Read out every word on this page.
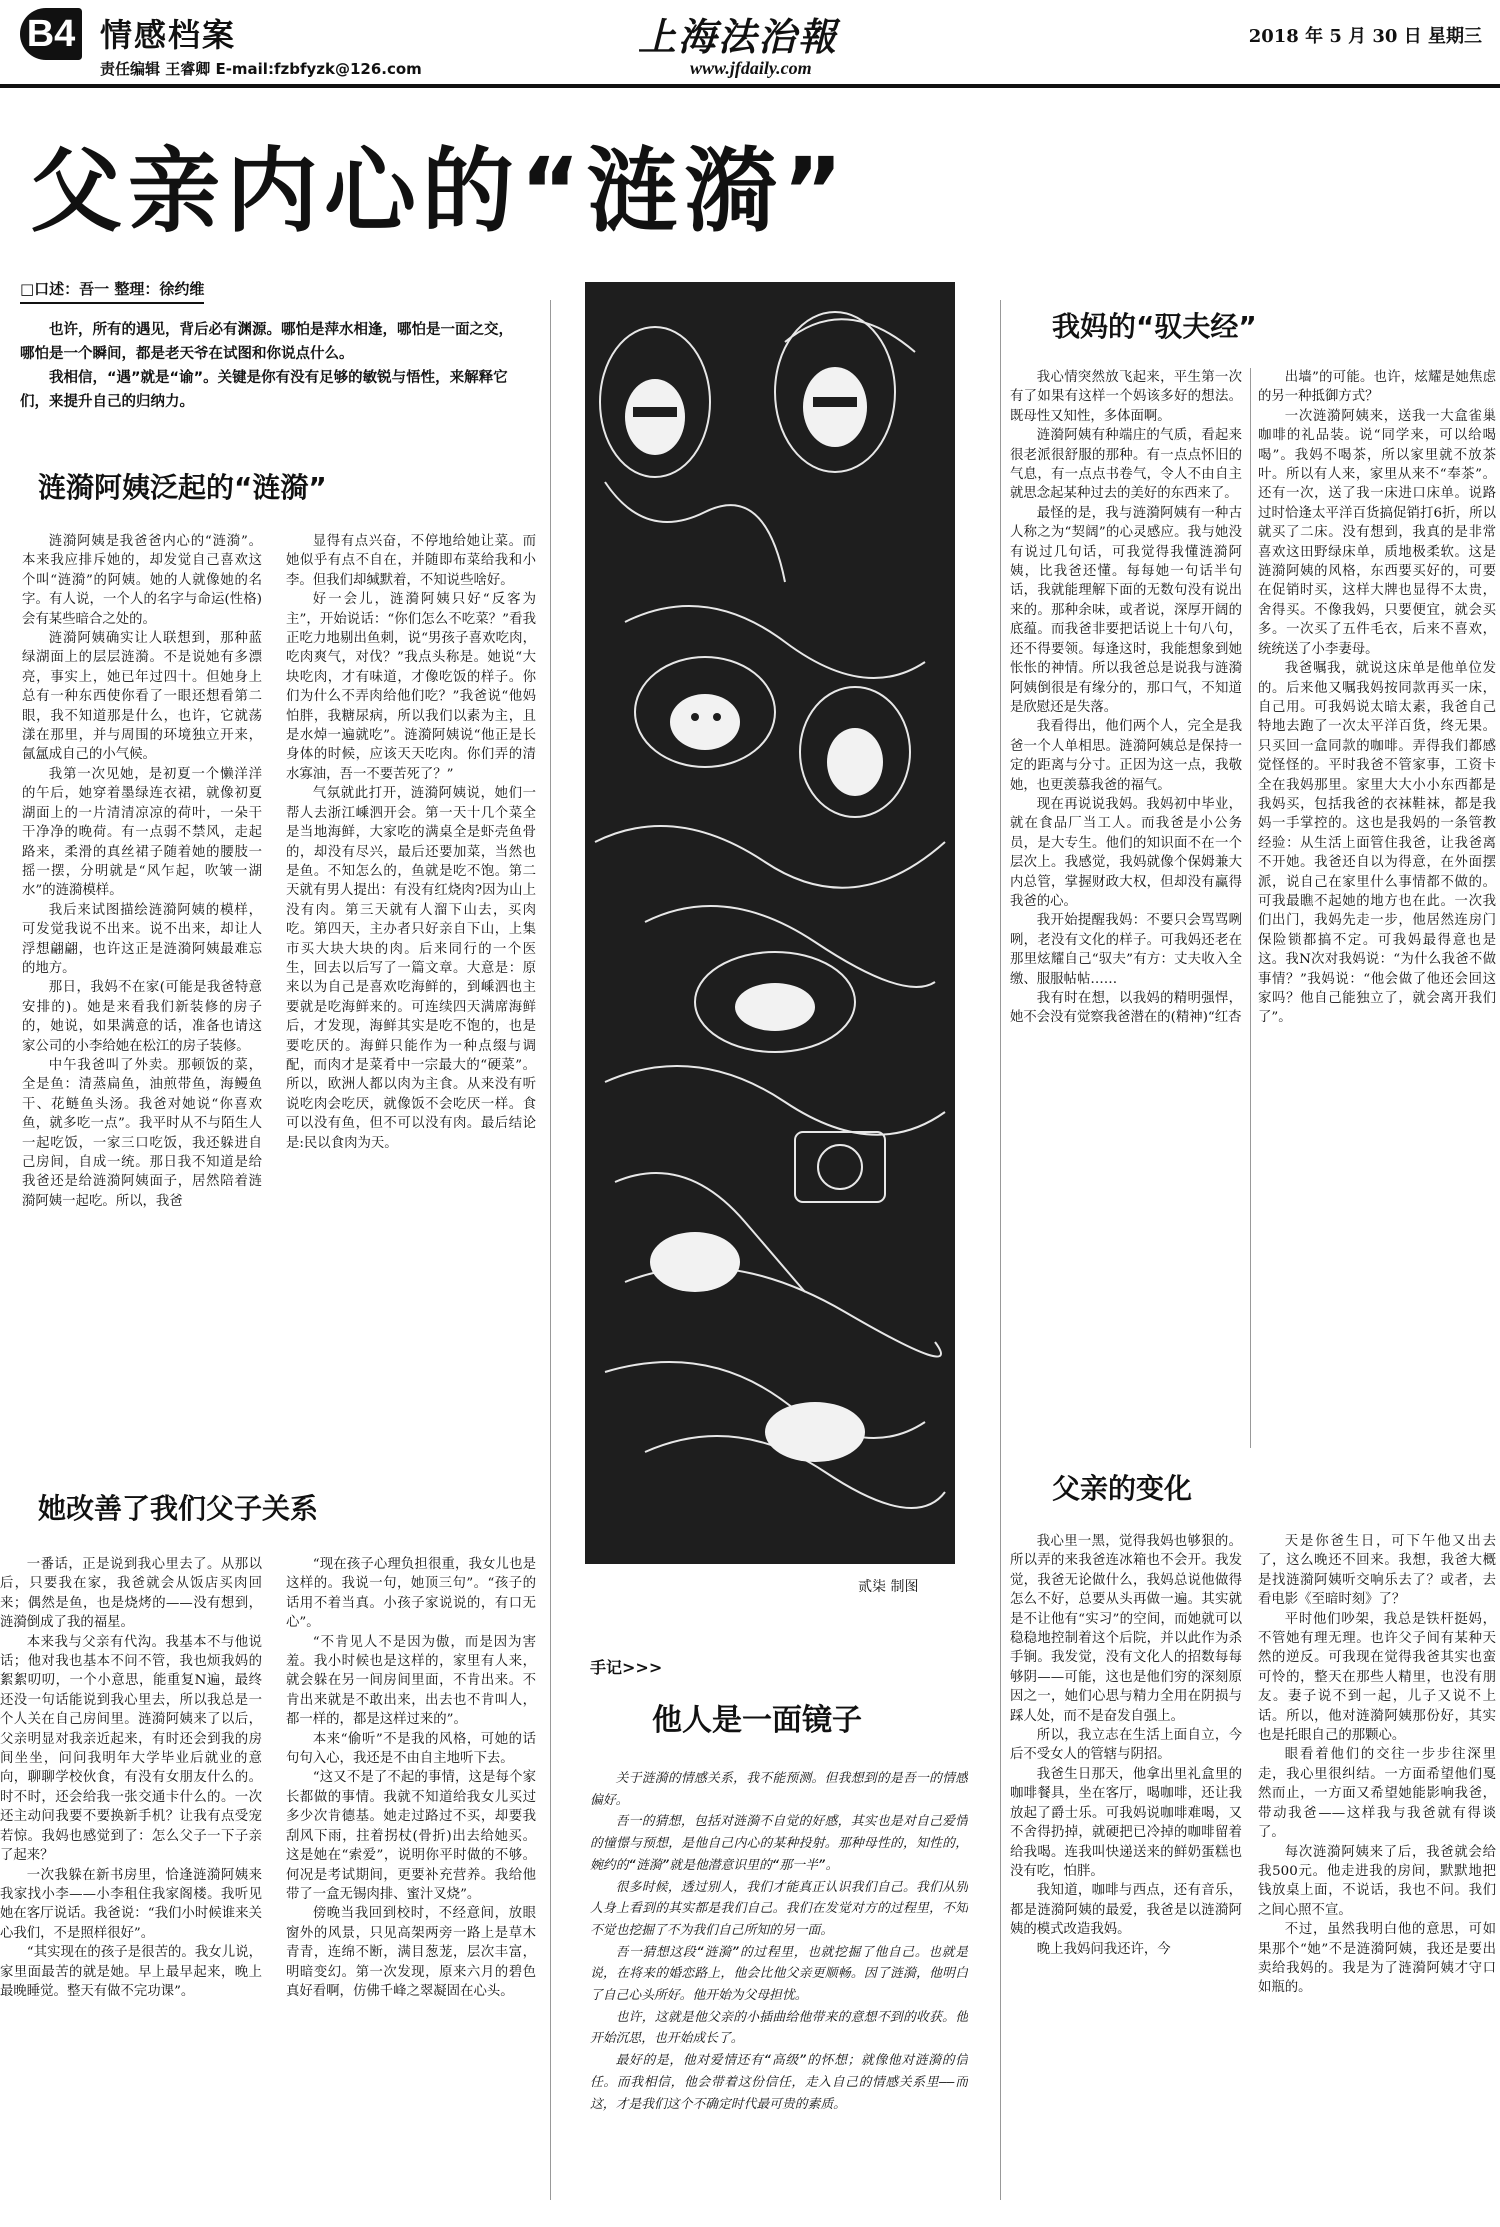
B4 情感档案
责任编辑 王睿卿 E-mail:fzbfyzk@126.com
上海法治報
www.jfdaily.com
2018 年 5 月 30 日 星期三
父亲内心的“涟漪”
□口述：吾一 整理：徐约维

也许，所有的遇见，背后必有渊源。哪怕是萍水相逢，哪怕是一面之交，哪怕是一个瞬间，都是老天爷在试图和你说点什么。

我相信，“遇”就是“谕”。关键是你有没有足够的敏锐与悟性，来解释它们，来提升自己的归纳力。

涟漪阿姨泛起的“涟漪”

涟漪阿姨是我爸爸内心的“涟漪”。本来我应排斥她的，却发觉自己喜欢这个叫“涟漪”的阿姨。她的人就像她的名字。有人说，一个人的名字与命运(性格)会有某些暗合之处的。

涟漪阿姨确实让人联想到，那种蓝绿湖面上的层层涟漪。不是说她有多漂亮，事实上，她已年过四十。但她身上总有一种东西使你看了一眼还想看第二眼，我不知道那是什么，也许，它就荡漾在那里，并与周围的环境独立开来，氤氲成自己的小气候。

我第一次见她，是初夏一个懒洋洋的午后，她穿着墨绿连衣裙，就像初夏湖面上的一片清清凉凉的荷叶，一朵干干净净的晚荷。有一点弱不禁风，走起路来，柔滑的真丝裙子随着她的腰肢一摇一摆，分明就是“风乍起，吹皱一湖水”的涟漪模样。

我后来试图描绘涟漪阿姨的模样，可发觉我说不出来。说不出来，却让人浮想翩翩，也许这正是涟漪阿姨最难忘的地方。

那日，我妈不在家(可能是我爸特意安排的)。她是来看我们新装修的房子的，她说，如果满意的话，准备也请这家公司的小李给她在松江的房子装修。

中午我爸叫了外卖。那顿饭的菜，全是鱼：清蒸扁鱼，油煎带鱼，海鳗鱼干、花鲢鱼头汤。我爸对她说“你喜欢鱼，就多吃一点”。我平时从不与陌生人一起吃饭，一家三口吃饭，我还躲进自己房间，自成一统。那日我不知道是给我爸还是给涟漪阿姨面子，居然陪着涟漪阿姨一起吃。所以，我爸

显得有点兴奋，不停地给她让菜。而她似乎有点不自在，并随即布菜给我和小李。但我们却缄默着，不知说些啥好。

好一会儿，涟漪阿姨只好“反客为主”，开始说话：“你们怎么不吃菜？”看我正吃力地剔出鱼刺，说“男孩子喜欢吃肉，吃肉爽气，对伐？”我点头称是。她说“大块吃肉，才有味道，才像吃饭的样子。你们为什么不弄肉给他们吃？”我爸说“他妈怕胖，我糖尿病，所以我们以素为主，且是水焯一遍就吃”。涟漪阿姨说“他正是长身体的时候，应该天天吃肉。你们弄的清水寡油，吾一不要苦死了？”

气氛就此打开，涟漪阿姨说，她们一帮人去浙江嵊泗开会。第一天十几个菜全是当地海鲜，大家吃的满桌全是虾壳鱼骨的，却没有尽兴，最后还要加菜，当然也是鱼。不知怎么的，鱼就是吃不饱。第二天就有男人提出：有没有红烧肉?因为山上没有肉。第三天就有人溜下山去，买肉吃。第四天，主办者只好亲自下山，上集市买大块大块的肉。后来同行的一个医生，回去以后写了一篇文章。大意是：原来以为自己是喜欢吃海鲜的，到嵊泗也主要就是吃海鲜来的。可连续四天满席海鲜后，才发现，海鲜其实是吃不饱的，也是要吃厌的。海鲜只能作为一种点缀与调配，而肉才是菜肴中一宗最大的“硬菜”。所以，欧洲人都以肉为主食。从来没有听说吃肉会吃厌，就像饭不会吃厌一样。食可以没有鱼，但不可以没有肉。最后结论是:民以食肉为天。

她改善了我们父子关系

一番话，正是说到我心里去了。从那以后，只要我在家，我爸就会从饭店买肉回来；偶然是鱼，也是烧烤的——没有想到，涟漪倒成了我的福星。

本来我与父亲有代沟。我基本不与他说话；他对我也基本不问不管，我也烦我妈的絮絮叨叨，一个小意思，能重复N遍，最终还没一句话能说到我心里去，所以我总是一个人关在自己房间里。涟漪阿姨来了以后，父亲明显对我亲近起来，有时还会到我的房间坐坐，问问我明年大学毕业后就业的意向，聊聊学校伙食，有没有女朋友什么的。时不时，还会给我一张交通卡什么的。一次还主动问我要不要换新手机？让我有点受宠若惊。我妈也感觉到了：怎么父子一下子亲了起来？

一次我躲在新书房里，恰逢涟漪阿姨来我家找小李——小李租住我家阁楼。我听见她在客厅说话。我爸说：“我们小时候谁来关心我们，不是照样很好”。

“其实现在的孩子是很苦的。我女儿说，家里面最苦的就是她。早上最早起来，晚上最晚睡觉。整天有做不完功课”。

“现在孩子心理负担很重，我女儿也是这样的。我说一句，她顶三句”。“孩子的话用不着当真。小孩子家说说的，有口无心”。

“不肯见人不是因为傲，而是因为害羞。我小时候也是这样的，家里有人来，就会躲在另一间房间里面，不肯出来。不肯出来就是不敢出来，出去也不肯叫人，都一样的，都是这样过来的”。

本来“偷听”不是我的风格，可她的话句句入心，我还是不由自主地听下去。

“这又不是了不起的事情，这是每个家长都做的事情。我就不知道给我女儿买过多少次肯德基。她走过路过不买，却要我刮风下雨，拄着拐杖(骨折)出去给她买。这是她在“索爱”，说明你平时做的不够。何况是考试期间，更要补充营养。我给他带了一盒无锡肉排、蜜汁叉烧”。

傍晚当我回到校时，不经意间，放眼窗外的风景，只见高架两旁一路上是草木青青，连绵不断，满目葱茏，层次丰富，明暗变幻。第一次发现，原来六月的碧色真好看啊，仿佛千峰之翠凝固在心头。

贰柒 制图
手记>>>
他人是一面镜子

关于涟漪的情感关系，我不能预测。但我想到的是吾一的情感偏好。

吾一的猜想，包括对涟漪不自觉的好感，其实也是对自己爱情的憧憬与预想，是他自己内心的某种投射。那种母性的，知性的，婉约的“涟漪”就是他潜意识里的“那一半”。

很多时候，透过别人，我们才能真正认识我们自己。我们从别人身上看到的其实都是我们自己。我们在发觉对方的过程里，不知不觉也挖掘了不为我们自己所知的另一面。

吾一猜想这段“涟漪”的过程里，也就挖掘了他自己。也就是说，在将来的婚恋路上，他会比他父亲更顺畅。因了涟漪，他明白了自己心头所好。他开始为父母担忧。

也许，这就是他父亲的小插曲给他带来的意想不到的收获。他开始沉思，也开始成长了。

最好的是，他对爱情还有“高级”的怀想；就像他对涟漪的信任。而我相信，他会带着这份信任，走入自己的情感关系里——而这，才是我们这个不确定时代最可贵的素质。

我妈的“驭夫经”

我心情突然放飞起来，平生第一次有了如果有这样一个妈该多好的想法。既母性又知性，多体面啊。

涟漪阿姨有种端庄的气质，看起来很老派很舒服的那种。有一点点怀旧的气息，有一点点书卷气，令人不由自主就思念起某种过去的美好的东西来了。

最怪的是，我与涟漪阿姨有一种古人称之为“契阔”的心灵感应。我与她没有说过几句话，可我觉得我懂涟漪阿姨，比我爸还懂。每每她一句话半句话，我就能理解下面的无数句没有说出来的。那种余味，或者说，深厚开阔的底蕴。而我爸非要把话说上十句八句，还不得要领。每逢这时，我能想象到她怅怅的神情。所以我爸总是说我与涟漪阿姨倒很是有缘分的，那口气，不知道是欣慰还是失落。

我看得出，他们两个人，完全是我爸一个人单相思。涟漪阿姨总是保持一定的距离与分寸。正因为这一点，我敬她，也更羡慕我爸的福气。

现在再说说我妈。我妈初中毕业，就在食品厂当工人。而我爸是小公务员，是大专生。他们的知识面不在一个层次上。我感觉，我妈就像个保姆兼大内总管，掌握财政大权，但却没有赢得我爸的心。

我开始提醒我妈：不要只会骂骂咧咧，老没有文化的样子。可我妈还老在那里炫耀自己“驭夫”有方：丈夫收入全缴、服服帖帖……

我有时在想，以我妈的精明强悍，她不会没有觉察我爸潜在的(精神)“红杏

出墙”的可能。也许，炫耀是她焦虑的另一种抵御方式？

一次涟漪阿姨来，送我一大盒雀巢咖啡的礼品装。说“同学来，可以给喝喝”。我妈不喝茶，所以家里就不放茶叶。所以有人来，家里从来不“奉茶”。还有一次，送了我一床进口床单。说路过时恰逢太平洋百货搞促销打6折，所以就买了二床。没有想到，我真的是非常喜欢这田野绿床单，质地极柔软。这是涟漪阿姨的风格，东西要买好的，可要在促销时买，这样大牌也显得不太贵，舍得买。不像我妈，只要便宜，就会买多。一次买了五件毛衣，后来不喜欢，统统送了小李妻母。

我爸嘱我，就说这床单是他单位发的。后来他又嘱我妈按同款再买一床，自己用。可我妈说太暗太素，我爸自己特地去跑了一次太平洋百货，终无果。只买回一盒同款的咖啡。弄得我们都感觉怪怪的。平时我爸不管家事，工资卡全在我妈那里。家里大大小小东西都是我妈买，包括我爸的衣袜鞋袜，都是我妈一手掌控的。这也是我妈的一条管教经验：从生活上面管住我爸，让我爸离不开她。我爸还自以为得意，在外面摆派，说自己在家里什么事情都不做的。可我最瞧不起她的地方也在此。一次我们出门，我妈先走一步，他居然连房门保险锁都搞不定。可我妈最得意也是这。我N次对我妈说：“为什么我爸不做事情？”我妈说：“他会做了他还会回这家吗？他自己能独立了，就会离开我们了”。

父亲的变化

我心里一黑，觉得我妈也够狠的。所以弄的来我爸连冰箱也不会开。我发觉，我爸无论做什么，我妈总说他做得怎么不好，总要从头再做一遍。其实就是不让他有“实习”的空间，而她就可以稳稳地控制着这个后院，并以此作为杀手锏。我发觉，没有文化人的招数每每够阴——可能，这也是他们穷的深刻原因之一，她们心思与精力全用在阴损与踩人处，而不是奋发自强上。

所以，我立志在生活上面自立，今后不受女人的管辖与阴招。

我爸生日那天，他拿出里礼盒里的咖啡餐具，坐在客厅，喝咖啡，还让我放起了爵士乐。可我妈说咖啡难喝，又不舍得扔掉，就硬把已冷掉的咖啡留着给我喝。连我叫快递送来的鲜奶蛋糕也没有吃，怕胖。

我知道，咖啡与西点，还有音乐，都是涟漪阿姨的最爱，我爸是以涟漪阿姨的模式改造我妈。

晚上我妈问我还许，今

天是你爸生日，可下午他又出去了，这么晚还不回来。我想，我爸大概是找涟漪阿姨听交响乐去了？或者，去看电影《至暗时刻》了？

平时他们吵架，我总是铁杆挺妈，不管她有理无理。也许父子间有某种天然的逆反。可我现在觉得我爸其实也蛮可怜的，整天在那些人精里，也没有朋友。妻子说不到一起，儿子又说不上话。所以，他对涟漪阿姨那份好，其实也是托眼自己的那颗心。

眼看着他们的交往一步步往深里走，我心里很纠结。一方面希望他们戛然而止，一方面又希望她能影响我爸，带动我爸——这样我与我爸就有得谈了。

每次涟漪阿姨来了后，我爸就会给我500元。他走进我的房间，默默地把钱放桌上面，不说话，我也不问。我们之间心照不宣。

不过，虽然我明白他的意思，可如果那个“她”不是涟漪阿姨，我还是要出卖给我妈的。我是为了涟漪阿姨才守口如瓶的。
